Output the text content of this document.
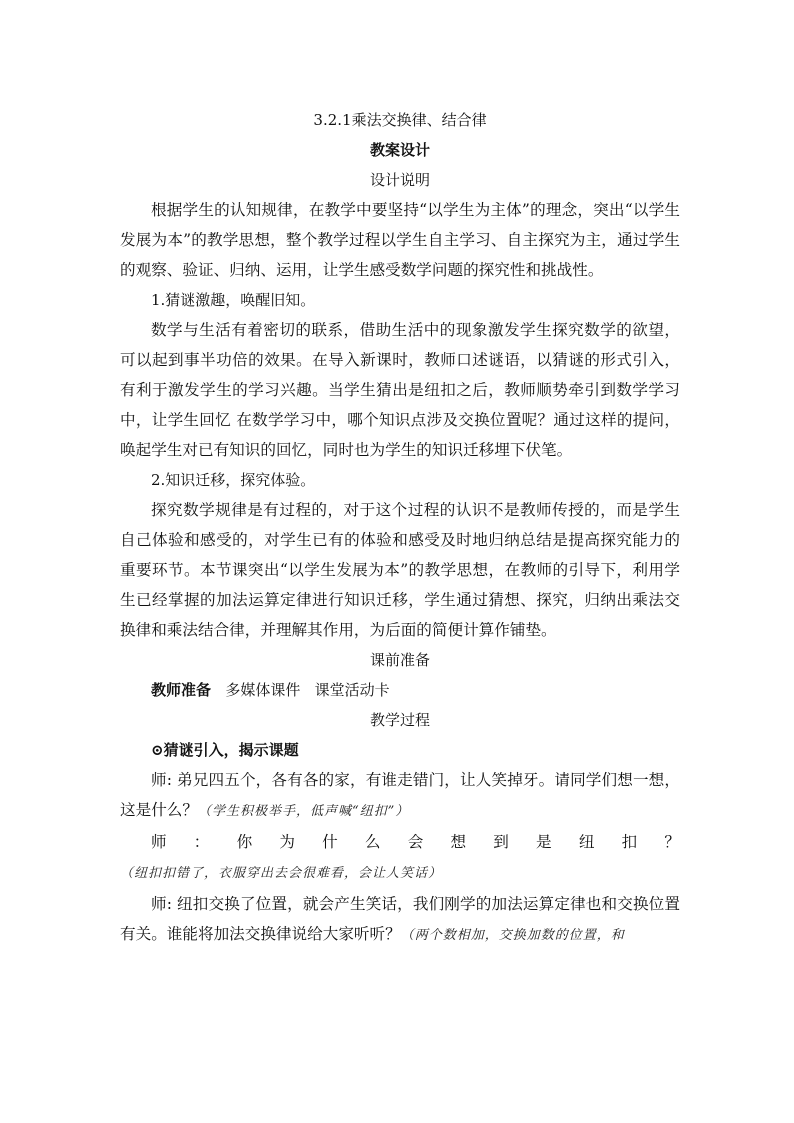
3.2.1乘法交换律、结合律
教案设计
设计说明

根据学生的认知规律，在教学中要坚持“以学生为主体”的理念，突出“以学生发展为本”的教学思想，整个教学过程以学生自主学习、自主探究为主，通过学生的观察、验证、归纳、运用，让学生感受数学问题的探究性和挑战性。

1.猜谜激趣，唤醒旧知。

数学与生活有着密切的联系，借助生活中的现象激发学生探究数学的欲望，可以起到事半功倍的效果。在导入新课时，教师口述谜语，以猜谜的形式引入，有利于激发学生的学习兴趣。当学生猜出是纽扣之后，教师顺势牵引到数学学习中，让学生回忆 在数学学习中，哪个知识点涉及交换位置呢？通过这样的提问，唤起学生对已有知识的回忆，同时也为学生的知识迁移埋下伏笔。

2.知识迁移，探究体验。

探究数学规律是有过程的，对于这个过程的认识不是教师传授的，而是学生自己体验和感受的，对学生已有的体验和感受及时地归纳总结是提高探究能力的重要环节。本节课突出“以学生发展为本”的教学思想，在教师的引导下，利用学生已经掌握的加法运算定律进行知识迁移，学生通过猜想、探究，归纳出乘法交换律和乘法结合律，并理解其作用，为后面的简便计算作铺垫。

课前准备

教师准备 多媒体课件   课堂活动卡

教学过程

⊙猜谜引入，揭示课题

师: 弟兄四五个，各有各的家，有谁走错门，让人笑掉牙。请同学们想一想，这是什么？（学生积极举手，低声喊“纽扣”）

师：你为什么会想到是纽扣？ （纽扣扣错了，衣服穿出去会很难看，会让人笑话）

师: 纽扣交换了位置，就会产生笑话，我们刚学的加法运算定律也和交换位置有关。谁能将加法交换律说给大家听听？（两个数相加，交换加数的位置，和
